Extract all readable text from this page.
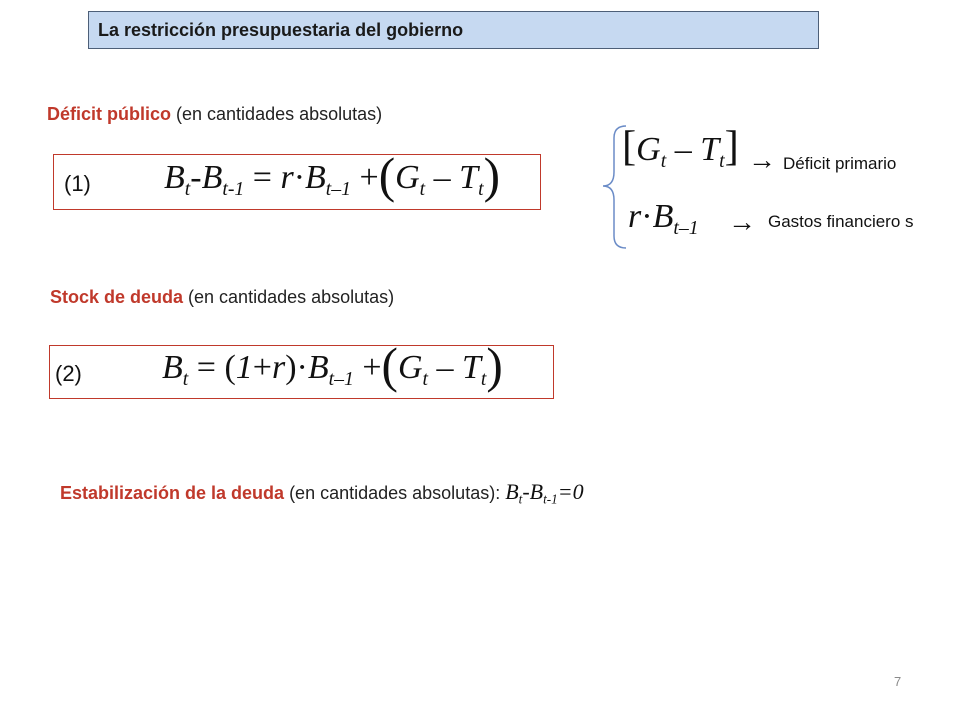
La restricción presupuestaria del gobierno
Déficit público (en cantidades absolutas)
(1) $B_t-B_{t-1} = r\cdot B_{t-1} +(G_t - T_t)$
$[G_t - T_t]$ → Déficit primario
$r\cdot B_{t-1}$ → Gastos financiero s
Stock de deuda (en cantidades absolutas)
(2) $B_t = (1+r)\cdot B_{t-1} +(G_t - T_t)$
Estabilización de la deuda (en cantidades absolutas): $B_t-B_{t-1}=0$
7
